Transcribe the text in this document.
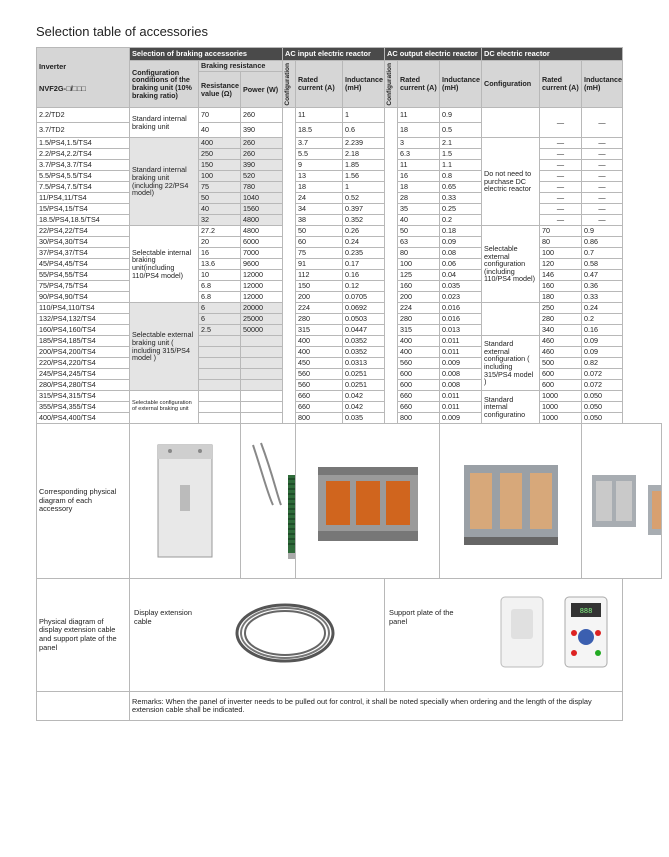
Selection table of accessories
Inverter
NVF2G-□/□□□	Selection of braking accessories			AC input electric reactor			AC output electric reactor			DC electric reactor		
	Configuration conditions of the braking unit (10% braking ratio)	Braking resistance		Configuration	Rated current (A)	Inductance (mH)	Configuration	Rated current (A)	Inductance (mH)	Configuration	Rated current (A)	Inductance (mH)
		Resistance value (Ω)	Power (W)									
2.2/TD2	Standard internal braking unit	70	260		11	1		11	0.9		—	—
3.7/TD2		40	390		18.5	0.6		18	0.5			
1.5/PS4,1.5/TS4	Standard internal braking unit (including 22/PS4 model)	400	260		3.7	2.239		3	2.1	Do not need to purchase DC electric reactor	—	—
2.2/PS4,2.2/TS4		250	260		5.5	2.18		6.3	1.5		—	—
3.7/PS4,3.7/TS4		150	390		9	1.85		11	1.1		—	—
5.5/PS4,5.5/TS4		100	520		13	1.56		16	0.8		—	—
7.5/PS4,7.5/TS4		75	780		18	1		18	0.65		—	—
11/PS4,11/TS4		50	1040		24	0.52		28	0.33		—	—
15/PS4,15/TS4		40	1560		34	0.397		35	0.25		—	—
18.5/PS4,18.5/TS4		32	4800		38	0.352		40	0.2		—	—
22/PS4,22/TS4	Selectable internal braking unit(including 110/PS4 model)	27.2	4800		50	0.26		50	0.18	Selectable external configuration (including 110/PS4 model)	70	0.9
30/PS4,30/TS4		20	6000		60	0.24		63	0.09		80	0.86
37/PS4,37/TS4		16	7000		75	0.235		80	0.08		100	0.7
45/PS4,45/TS4		13.6	9600		91	0.17		100	0.06		120	0.58
55/PS4,55/TS4		10	12000		112	0.16		125	0.04		146	0.47
75/PS4,75/TS4		6.8	12000		150	0.12		160	0.035		160	0.36
90/PS4,90/TS4		6.8	12000		200	0.0705		200	0.023		180	0.33
110/PS4,110/TS4	Selectable external braking unit ( including 315/PS4 model )	6	20000		224	0.0692		224	0.016		250	0.24
132/PS4,132/TS4		6	25000		280	0.0503		280	0.016		280	0.2
160/PS4,160/TS4		2.5	50000		315	0.0447		315	0.013		340	0.16
185/PS4,185/TS4					400	0.0352		400	0.011	Standard external configuration ( including 315/PS4 model )	460	0.09
200/PS4,200/TS4					400	0.0352		400	0.011		460	0.09
220/PS4,220/TS4					450	0.0313		560	0.009		500	0.82
245/PS4,245/TS4					560	0.0251		600	0.008		600	0.072
280/PS4,280/TS4					560	0.0251		600	0.008		600	0.072
315/PS4,315/TS4	Selectable configuration of external braking unit				660	0.042		660	0.011	Standard internal configuratino	1000	0.050
355/PS4,355/TS4					660	0.042		660	0.011		1000	0.050
400/PS4,400/TS4					800	0.035		800	0.009		1000	0.050
Corresponding physical diagram of each accessory					
Physical diagram of display extension cable and support plate of the panel	Display extension cable						Support plate of the panel
888					

	Remarks: When the panel of inverter needs to be pulled out for control, it shall be noted specially when ordering and the length of the display extension cable shall be indicated.											
